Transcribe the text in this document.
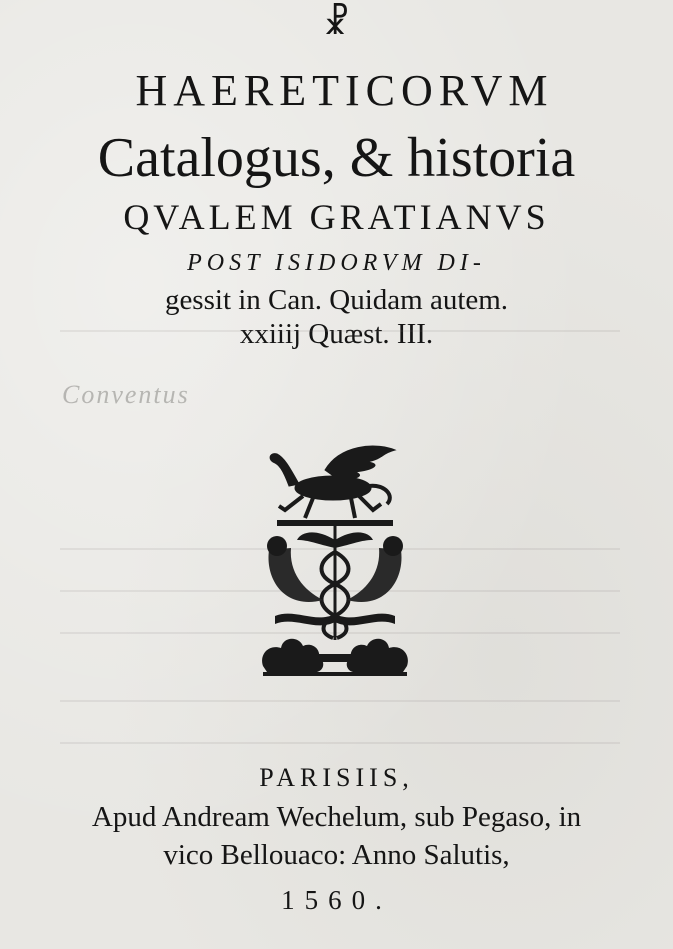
☧
HAERETICORVM
Catalogus, & historia
QVALEM GRATIANVS
POST ISIDORVM DI-
gessit in Can. Quidam autem.
xxiiij Quæst. III.
Conventus
PARISIIS,
Apud Andream Wechelum, sub Pegaso, in
vico Bellouaco: Anno Salutis,
1560.
